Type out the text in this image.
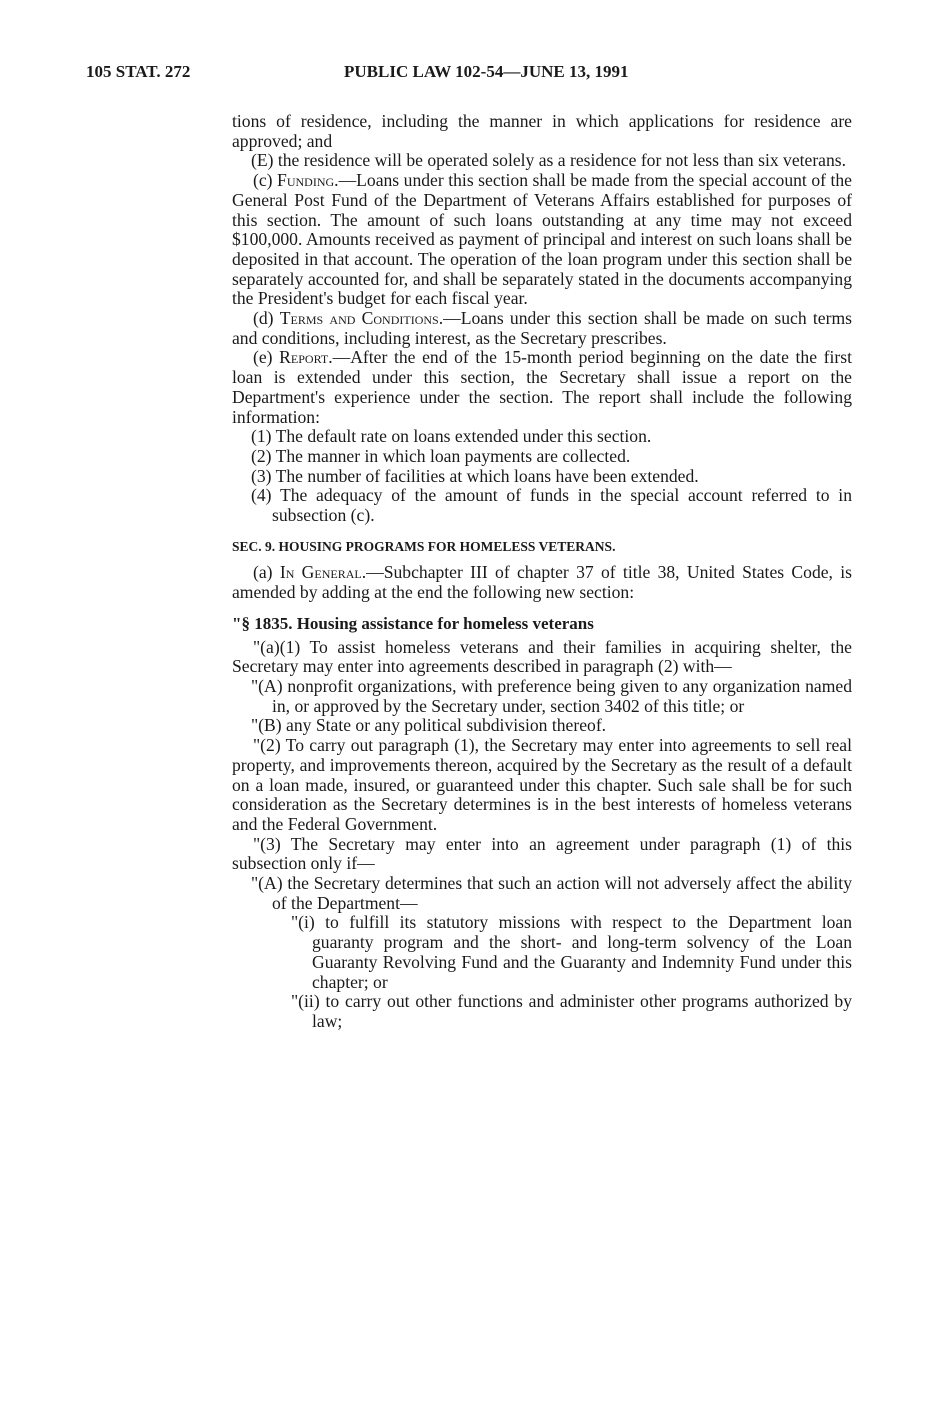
105 STAT. 272	PUBLIC LAW 102-54—JUNE 13, 1991

tions of residence, including the manner in which applications for residence are approved; and

(E) the residence will be operated solely as a residence for not less than six veterans.

(c) Funding.—Loans under this section shall be made from the special account of the General Post Fund of the Department of Veterans Affairs established for purposes of this section. The amount of such loans outstanding at any time may not exceed $100,000. Amounts received as payment of principal and interest on such loans shall be deposited in that account. The operation of the loan program under this section shall be separately accounted for, and shall be separately stated in the documents accompanying the President's budget for each fiscal year.

(d) Terms and Conditions.—Loans under this section shall be made on such terms and conditions, including interest, as the Secretary prescribes.

(e) Report.—After the end of the 15-month period beginning on the date the first loan is extended under this section, the Secretary shall issue a report on the Department's experience under the section. The report shall include the following information:

(1) The default rate on loans extended under this section.

(2) The manner in which loan payments are collected.

(3) The number of facilities at which loans have been extended.

(4) The adequacy of the amount of funds in the special account referred to in subsection (c).

SEC. 9. HOUSING PROGRAMS FOR HOMELESS VETERANS.

(a) In General.—Subchapter III of chapter 37 of title 38, United States Code, is amended by adding at the end the following new section:

"§ 1835. Housing assistance for homeless veterans

"(a)(1) To assist homeless veterans and their families in acquiring shelter, the Secretary may enter into agreements described in paragraph (2) with—

"(A) nonprofit organizations, with preference being given to any organization named in, or approved by the Secretary under, section 3402 of this title; or

"(B) any State or any political subdivision thereof.

"(2) To carry out paragraph (1), the Secretary may enter into agreements to sell real property, and improvements thereon, acquired by the Secretary as the result of a default on a loan made, insured, or guaranteed under this chapter. Such sale shall be for such consideration as the Secretary determines is in the best interests of homeless veterans and the Federal Government.

"(3) The Secretary may enter into an agreement under paragraph (1) of this subsection only if—

"(A) the Secretary determines that such an action will not adversely affect the ability of the Department—

"(i) to fulfill its statutory missions with respect to the Department loan guaranty program and the short- and long-term solvency of the Loan Guaranty Revolving Fund and the Guaranty and Indemnity Fund under this chapter; or

"(ii) to carry out other functions and administer other programs authorized by law;
